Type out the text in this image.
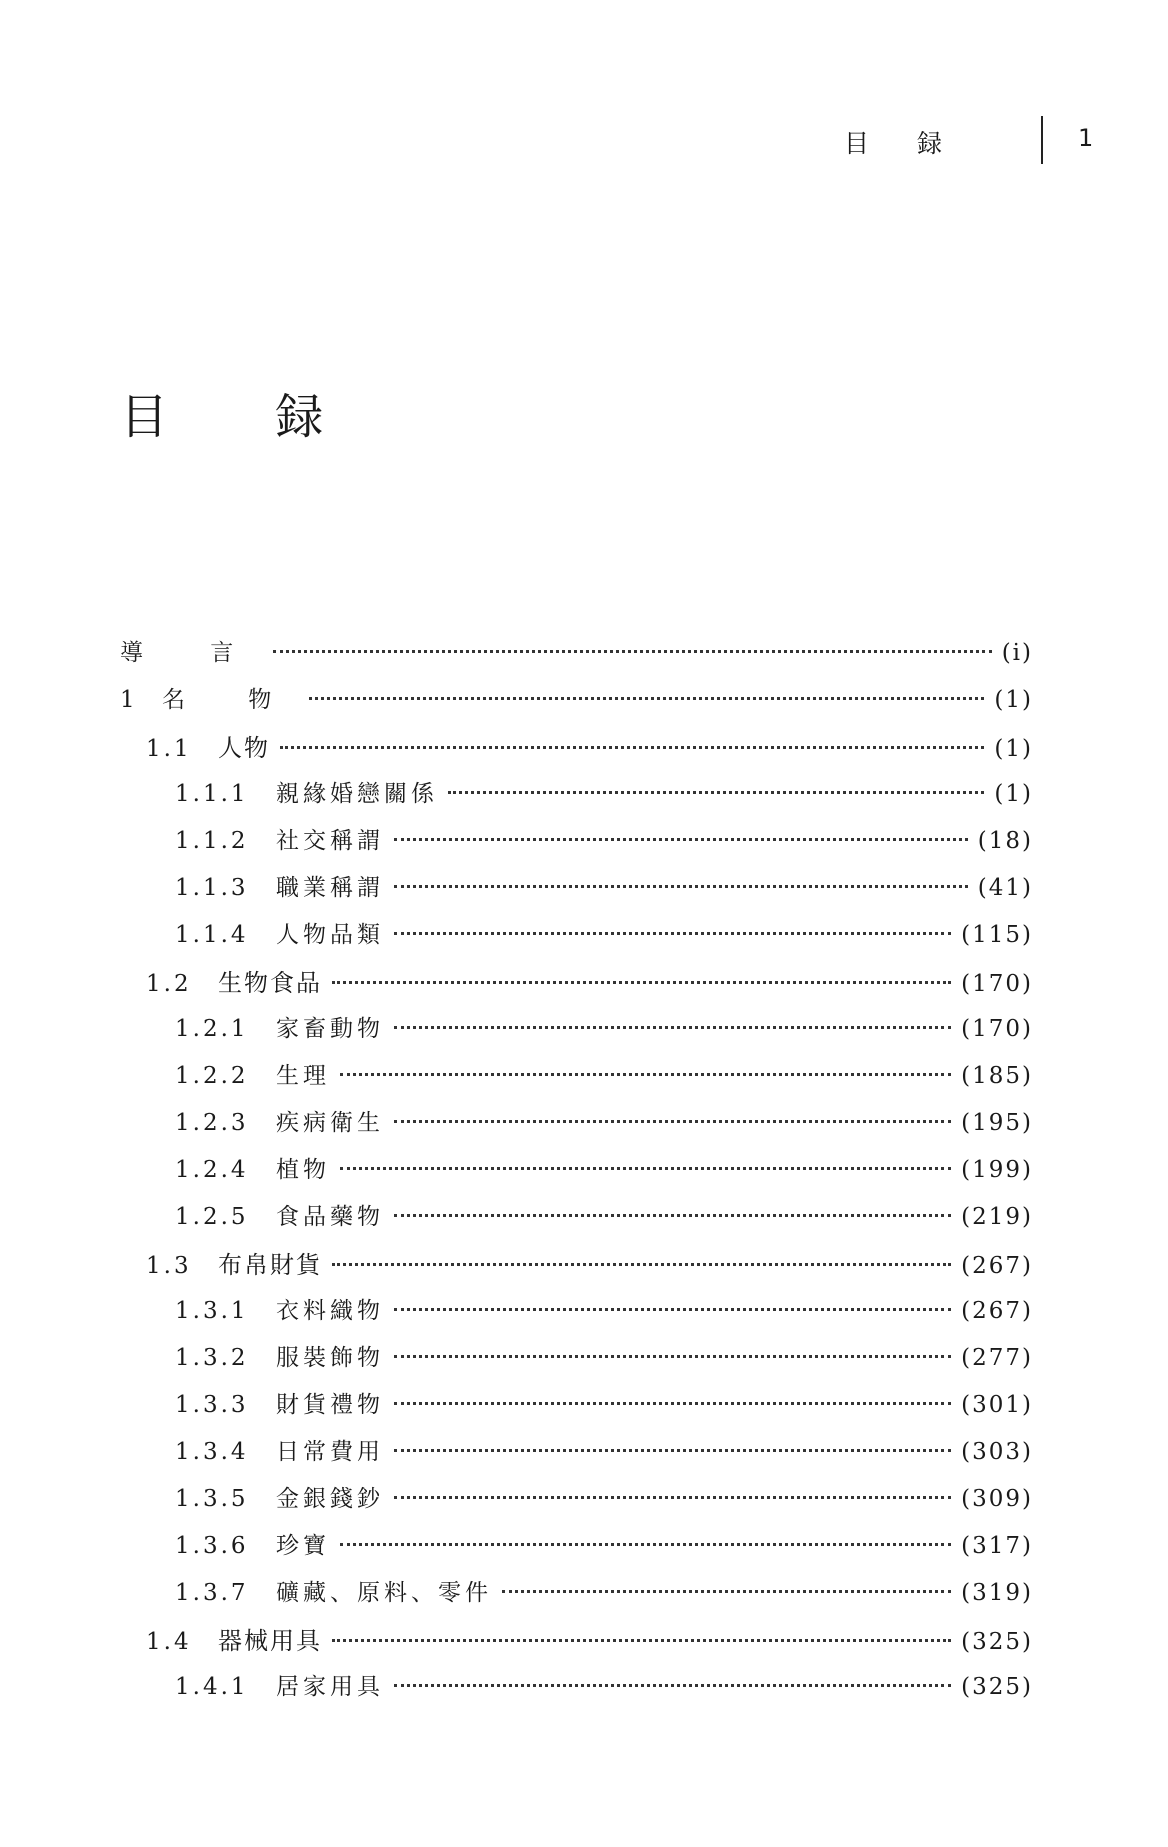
目 録	1
目 録
導 言	(i)
1	名 物	(1)
1.1	人物	(1)
1.1.1	親緣婚戀關係	(1)
1.1.2	社交稱謂	(18)
1.1.3	職業稱謂	(41)
1.1.4	人物品類	(115)
1.2	生物食品	(170)
1.2.1	家畜動物	(170)
1.2.2	生理	(185)
1.2.3	疾病衛生	(195)
1.2.4	植物	(199)
1.2.5	食品藥物	(219)
1.3	布帛財貨	(267)
1.3.1	衣料織物	(267)
1.3.2	服裝飾物	(277)
1.3.3	財貨禮物	(301)
1.3.4	日常費用	(303)
1.3.5	金銀錢鈔	(309)
1.3.6	珍寶	(317)
1.3.7	礦藏、原料、零件	(319)
1.4	器械用具	(325)
1.4.1	居家用具	(325)
